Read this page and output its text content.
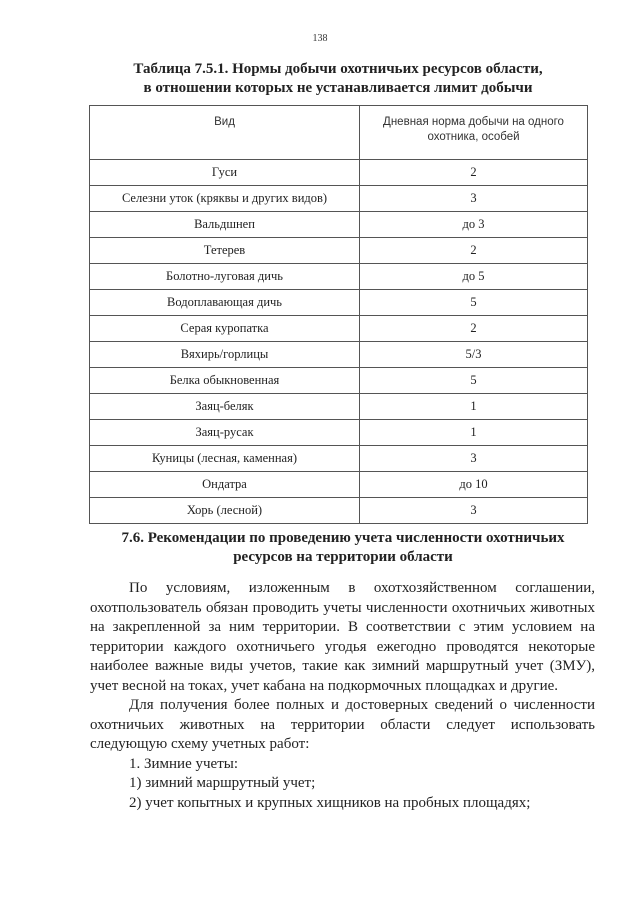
138
Таблица 7.5.1. Нормы добычи охотничьих ресурсов области,
в отношении которых не устанавливается лимит добычи
Вид	Дневная норма добычи на одного охотника, особей
Гуси	2
Селезни уток (кряквы и других видов)	3
Вальдшнеп	до 3
Тетерев	2
Болотно-луговая дичь	до 5
Водоплавающая дичь	5
Серая куропатка	2
Вяхирь/горлицы	5/3
Белка обыкновенная	5
Заяц-беляк	1
Заяц-русак	1
Куницы (лесная, каменная)	3
Ондатра	до 10
Хорь (лесной)	3
7.6. Рекомендации по проведению учета численности охотничьих
ресурсов на территории области

По условиям, изложенным в охотхозяйственном соглашении, охотпользователь обязан проводить учеты численности охотничьих животных на закрепленной за ним территории. В соответствии с этим условием на территории каждого охотничьего угодья ежегодно проводятся некоторые наиболее важные виды учетов, такие как зимний маршрутный учет (ЗМУ), учет весной на токах, учет кабана на подкормочных площадках и другие.

Для получения более полных и достоверных сведений о численности охотничьих животных на территории области следует использовать следующую схему учетных работ:

1. Зимние учеты:
1) зимний маршрутный учет;
2) учет копытных и крупных хищников на пробных площадях;
